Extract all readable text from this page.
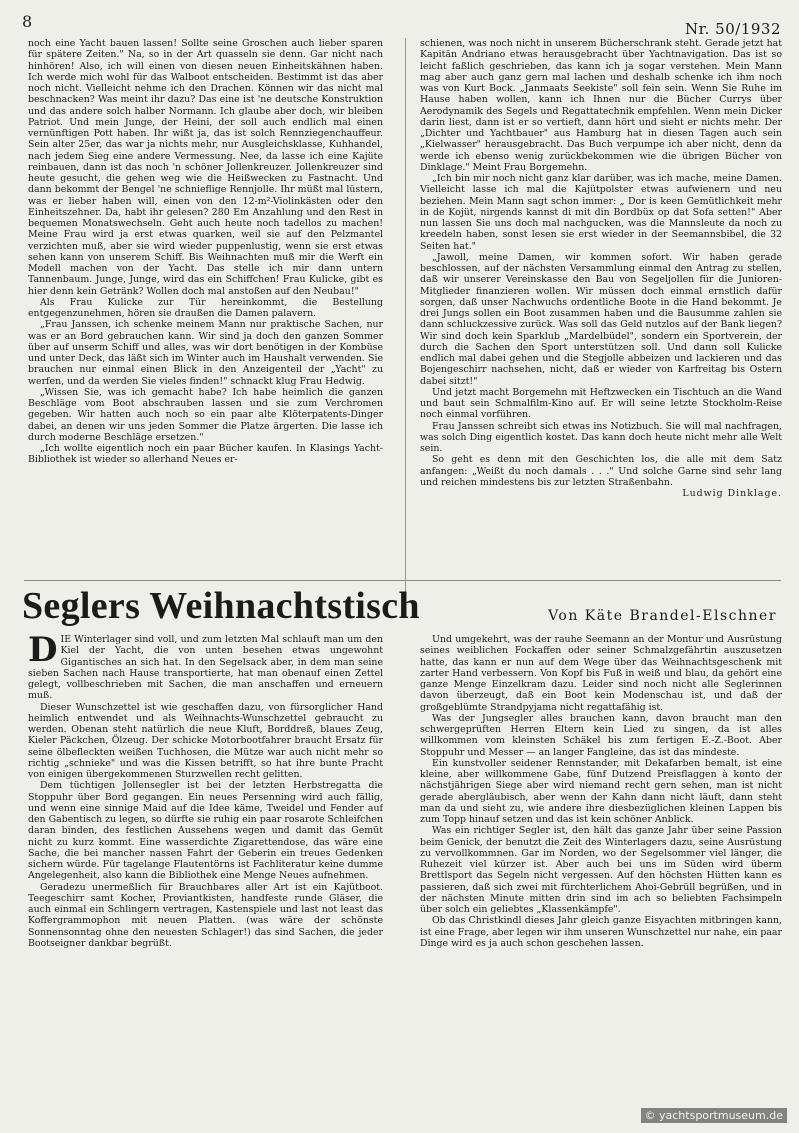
8	Nr. 50/1932

noch eine Yacht bauen lassen! Sollte seine Groschen auch lieber sparen für spätere Zeiten." Na, so in der Art quasseln sie denn. Gar nicht nach hinhören! Also, ich will einen von diesen neuen Einheitskähnen haben. Ich werde mich wohl für das Walboot entscheiden. Bestimmt ist das aber noch nicht. Vielleicht nehme ich den Drachen. Können wir das nicht mal beschnacken? Was meint ihr dazu? Das eine ist 'ne deutsche Konstruktion und das andere solch halber Normann. Ich glaube aber doch, wir bleiben Patriot. Und mein Junge, der Heini, der soll auch endlich mal einen vernünftigen Pott haben. Ihr wißt ja, das ist solch Rennziegenchauffeur. Sein alter 25er, das war ja nichts mehr, nur Ausgleichsklasse, Kuhhandel, nach jedem Sieg eine andere Vermessung. Nee, da lasse ich eine Kajüte reinbauen, dann ist das noch 'n schöner Jollenkreuzer. Jollenkreuzer sind heute gesucht, die gehen weg wie die Heißwecken zu Fastnacht. Und dann bekommt der Bengel 'ne schnieflige Rennjolle. Ihr müßt mal lüstern, was er lieber haben will, einen von den 12-m²-Violinkästen oder den Einheitszehner. Da, habt ihr gelesen? 280 Em Anzahlung und den Rest in bequemen Monatswechseln. Geht auch heute noch tadellos zu machen! Meine Frau wird ja erst etwas quarken, weil sie auf den Pelzmantel verzichten muß, aber sie wird wieder puppenlustig, wenn sie erst etwas sehen kann von unserem Schiff. Bis Weihnachten muß mir die Werft ein Modell machen von der Yacht. Das stelle ich mir dann untern Tannenbaum. Junge, Junge, wird das ein Schiffchen! Frau Kulicke, gibt es hier denn kein Getränk? Wollen doch mal anstoßen auf den Neubau!"

Als Frau Kulicke zur Tür hereinkommt, die Bestellung entgegenzunehmen, hören sie draußen die Damen palavern.

„Frau Janssen, ich schenke meinem Mann nur praktische Sachen, nur was er an Bord gebrauchen kann. Wir sind ja doch den ganzen Sommer über auf unserm Schiff und alles, was wir dort benötigen in der Kombüse und unter Deck, das läßt sich im Winter auch im Haushalt verwenden. Sie brauchen nur einmal einen Blick in den Anzeigenteil der „Yacht" zu werfen, und da werden Sie vieles finden!" schnackt klug Frau Hedwig.

„Wissen Sie, was ich gemacht habe? Ich habe heimlich die ganzen Beschläge vom Boot abschrauben lassen und sie zum Verchromen gegeben. Wir hatten auch noch so ein paar alte Klöterpatents-Dinger dabei, an denen wir uns jeden Sommer die Platze ärgerten. Die lasse ich durch moderne Beschläge ersetzen."

„Ich wollte eigentlich noch ein paar Bücher kaufen. In Klasings Yacht-Bibliothek ist wieder so allerhand Neues er-

schienen, was noch nicht in unserem Bücherschrank steht. Gerade jetzt hat Kapitän Andriano etwas herausgebracht über Yachtnavigation. Das ist so leicht faßlich geschrieben, das kann ich ja sogar verstehen. Mein Mann mag aber auch ganz gern mal lachen und deshalb schenke ich ihm noch was von Kurt Bock. „Janmaats Seekiste" soll fein sein. Wenn Sie Ruhe im Hause haben wollen, kann ich Ihnen nur die Bücher Currys über Aerodynamik des Segels und Regattatechnik empfehlen. Wenn mein Dicker darin liest, dann ist er so vertieft, dann hört und sieht er nichts mehr. Der „Dichter und Yachtbauer" aus Hamburg hat in diesen Tagen auch sein „Kielwasser" herausgebracht. Das Buch verpumpe ich aber nicht, denn da werde ich ebenso wenig zurückbekommen wie die übrigen Bücher von Dinklage." Meint Frau Borgemehn.

„Ich bin mir noch nicht ganz klar darüber, was ich mache, meine Damen. Vielleicht lasse ich mal die Kajütpolster etwas aufwienern und neu beziehen. Mein Mann sagt schon immer: „ Dor is keen Gemütlichkeit mehr in de Kojüt, nirgends kannst di mit din Bordbüx op dat Sofa setten!" Aber nun lassen Sie uns doch mal nachgucken, was die Mannsleute da noch zu kreedeln haben, sonst lesen sie erst wieder in der Seemannsbibel, die 32 Seiten hat."

„Jawoll, meine Damen, wir kommen sofort. Wir haben gerade beschlossen, auf der nächsten Versammlung einmal den Antrag zu stellen, daß wir unserer Vereinskasse den Bau von Segeljollen für die Junioren-Mitglieder finanzieren wollen. Wir müssen doch einmal ernstlich dafür sorgen, daß unser Nachwuchs ordentliche Boote in die Hand bekommt. Je drei Jungs sollen ein Boot zusammen haben und die Bausumme zahlen sie dann schluckzessive zurück. Was soll das Geld nutzlos auf der Bank liegen? Wir sind doch kein Sparklub „Mardelbüdel", sondern ein Sportverein, der durch die Sachen den Sport unterstützen soll. Und dann soll Kulicke endlich mal dabei gehen und die Stegjolle abbeizen und lackieren und das Bojengeschirr nachsehen, nicht, daß er wieder von Karfreitag bis Ostern dabei sitzt!"

Und jetzt macht Borgemehn mit Heftzwecken ein Tischtuch an die Wand und baut sein Schmalfilm-Kino auf. Er will seine letzte Stockholm-Reise noch einmal vorführen.

Frau Janssen schreibt sich etwas ins Notizbuch. Sie will mal nachfragen, was solch Ding eigentlich kostet. Das kann doch heute nicht mehr alle Welt sein.

So geht es denn mit den Geschichten los, die alle mit dem Satz anfangen: „Weißt du noch damals . . ." Und solche Garne sind sehr lang und reichen mindestens bis zur letzten Straßenbahn.

Ludwig Dinklage.

Seglers Weihnachtstisch	Von Käte Brandel-Elschner

DIE Winterlager sind voll, und zum letzten Mal schlauft man um den Kiel der Yacht, die von unten besehen etwas ungewohnt Gigantisches an sich hat. In den Segelsack aber, in dem man seine sieben Sachen nach Hause transportierte, hat man obenauf einen Zettel gelegt, vollbeschrieben mit Sachen, die man anschaffen und erneuern muß.

Dieser Wunschzettel ist wie geschaffen dazu, von fürsorglicher Hand heimlich entwendet und als Weihnachts-Wunschzettel gebraucht zu werden. Obenan steht natürlich die neue Kluft, Borddreß, blaues Zeug, Kieler Päckchen, Ölzeug. Der schicke Motorbootfahrer braucht Ersatz für seine ölbefleckten weißen Tuchhosen, die Mütze war auch nicht mehr so richtig „schnieke" und was die Kissen betrifft, so hat ihre bunte Pracht von einigen übergekommenen Sturzwellen recht gelitten.

Dem tüchtigen Jollensegler ist bei der letzten Herbstregatta die Stoppuhr über Bord gegangen. Ein neues Persenning wird auch fällig, und wenn eine sinnige Maid auf die Idee käme, Tweidel und Fender auf den Gabentisch zu legen, so dürfte sie ruhig ein paar rosarote Schleifchen daran binden, des festlichen Aussehens wegen und damit das Gemüt nicht zu kurz kommt. Eine wasserdichte Zigarettendose, das wäre eine Sache, die bei mancher nassen Fahrt der Geberin ein treues Gedenken sichern würde. Für tagelange Flautentörns ist Fachliteratur keine dumme Angelegenheit, also kann die Bibliothek eine Menge Neues aufnehmen.

Geradezu unermeßlich für Brauchbares aller Art ist ein Kajütboot. Teegeschirr samt Kocher, Proviantkisten, handfeste runde Gläser, die auch einmal ein Schlingern vertragen, Kastenspiele und last not least das Koffergrammophon mit neuen Platten. (was wäre der schönste Sonnensonntag ohne den neuesten Schlager!) das sind Sachen, die jeder Bootseigner dankbar begrüßt.

Und umgekehrt, was der rauhe Seemann an der Montur und Ausrüstung seines weiblichen Fockaffen oder seiner Schmalzgefährtin auszusetzen hatte, das kann er nun auf dem Wege über das Weihnachtsgeschenk mit zarter Hand verbessern. Von Kopf bis Fuß in weiß und blau, da gehört eine ganze Menge Einzelkram dazu. Leider sind noch nicht alle Seglerinnen davon überzeugt, daß ein Boot kein Modenschau ist, und daß der großgeblümte Strandpyjama nicht regattafähig ist.

Was der Jungsegler alles brauchen kann, davon braucht man den schwergeprüften Herren Eltern kein Lied zu singen, da ist alles willkommen vom kleinsten Schäkel bis zum fertigen E.-Z.-Boot. Aber Stoppuhr und Messer — an langer Fangleine, das ist das mindeste.

Ein kunstvoller seidener Rennstander, mit Dekafarben bemalt, ist eine kleine, aber willkommene Gabe, fünf Dutzend Preisflaggen à konto der nächstjährigen Siege aber wird niemand recht gern sehen, man ist nicht gerade abergläubisch, aber wenn der Kahn dann nicht läuft, dann steht man da und sieht zu, wie andere ihre diesbezüglichen kleinen Lappen bis zum Topp hinauf setzen und das ist kein schöner Anblick.

Was ein richtiger Segler ist, den hält das ganze Jahr über seine Passion beim Genick, der benutzt die Zeit des Winterlagers dazu, seine Ausrüstung zu vervollkommnen. Gar im Norden, wo der Segelsommer viel länger, die Ruhezeit viel kürzer ist. Aber auch bei uns im Süden wird überm Brettlsport das Segeln nicht vergessen. Auf den höchsten Hütten kann es passieren, daß sich zwei mit fürchterlichem Ahoi-Gebrüll begrüßen, und in der nächsten Minute mitten drin sind im ach so beliebten Fachsimpeln über solch ein geliebtes „Klassenkämpfe".

Ob das Christkindl dieses Jahr gleich ganze Eisyachten mitbringen kann, ist eine Frage, aber legen wir ihm unseren Wunschzettel nur nahe, ein paar Dinge wird es ja auch schon geschehen lassen.

© yachtsportmuseum.de
